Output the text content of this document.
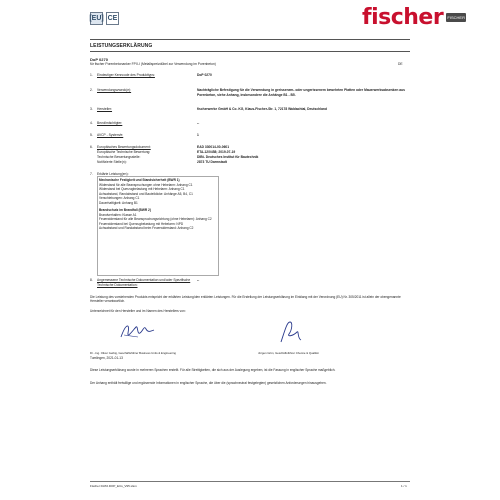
[EU] CE	fischer	FISCHER
LEISTUNGSERKLÄRUNG
DoP 0270
für fischer Porenbetonanker FPX-I (Metallspreizdübel zur Verwendung im Porenbeton)	DE
1. Eindeutiger Kenncode des Produkttyps:	DoP 0270
2. Verwendungszweck(e):	Nachträgliche Befestigung für die Verwendung in gerissenem- oder ungerissenem bewehrten Platten oder Mauerwerksabsenken aus Porenbeton, siehe Anhang, insbesondere die Anhänge B1 - B5.
3. Hersteller:	fischerwerke GmbH & Co. KG, Klaus-Fischer-Str. 1, 72178 Waldachtal, Deutschland
4. Bevollmächtigter:	--
5. AVCP - System/e:	1
6. Europäisches Bewertungsdokument:	EAD 330014-00-0601
Europäische Technische Bewertung:	ETA-12/0458; 2019-07-19
Technische Bewertungsstelle:	DIBt- Deutsches Institut für Bautechnik
Notifizierte Stelle(n):	2873 TU Darmstadt
7. Erklärte Leistung(en):
Mechanische Festigkeit und Standsicherheit (BWR 1)
Widerstand für alle Beanspruchungen ohne Hebelarm: Anhang C1
Widerstand bei Querzugbelastung mit Hebelarm: Anhang C1
Achsabstand, Randabstand und Bauteildicke: Anhänge A5, B4, C1
Verschiebungen: Anhang C1
Dauerhaftigkeit: Anhang B1
Brandschutz im Brandfall (BWR 2)
Brandverhalten: Klasse A1
Feuerwiderstand für alle Beanspruchungsrichtung (ohne Hebelarm): Anhang C2
Feuerwiderstand bei Querzugbelastung mit Hebelarm: NPD
Achsabstand und Randabstand beim Feuerwiderstand: Anhang C2
8. Angemessene Technische Dokumentation und/oder Spezifische Technische Dokumentation:
--
Die Leistung des vorstehenden Produkts entspricht der erklärten Leistung/den erklärten Leistungen. Für die Erstellung der Leistungserklärung im Einklang mit der Verordnung (EU) Nr. 305/2011 ist allein der obengenannte Hersteller verantwortlich.
Unterzeichnet für den Hersteller und im Namen des Herstellers von:
Dr. -Ing. Oliver Geibig, Geschäftsführer Business Units & Engineering	Jürgen Grün, Geschäftsführer Chemie & Qualität
Tumlingen, 2021-01-13
Diese Leistungserklärung wurde in mehreren Sprachen erstellt. Für alle Streitigkeiten, die sich aus der Auslegung ergeben, ist die Fassung in englischer Sprache maßgeblich.
Der Anhang enthält freiwillige und ergänzende Informationen in englischer Sprache, die über die (sprachneutral festgelegten) gesetzlichen Anforderungen hinausgehen.
Fischer DATA DOP_ECs_V95.xlsm	1 / 1
